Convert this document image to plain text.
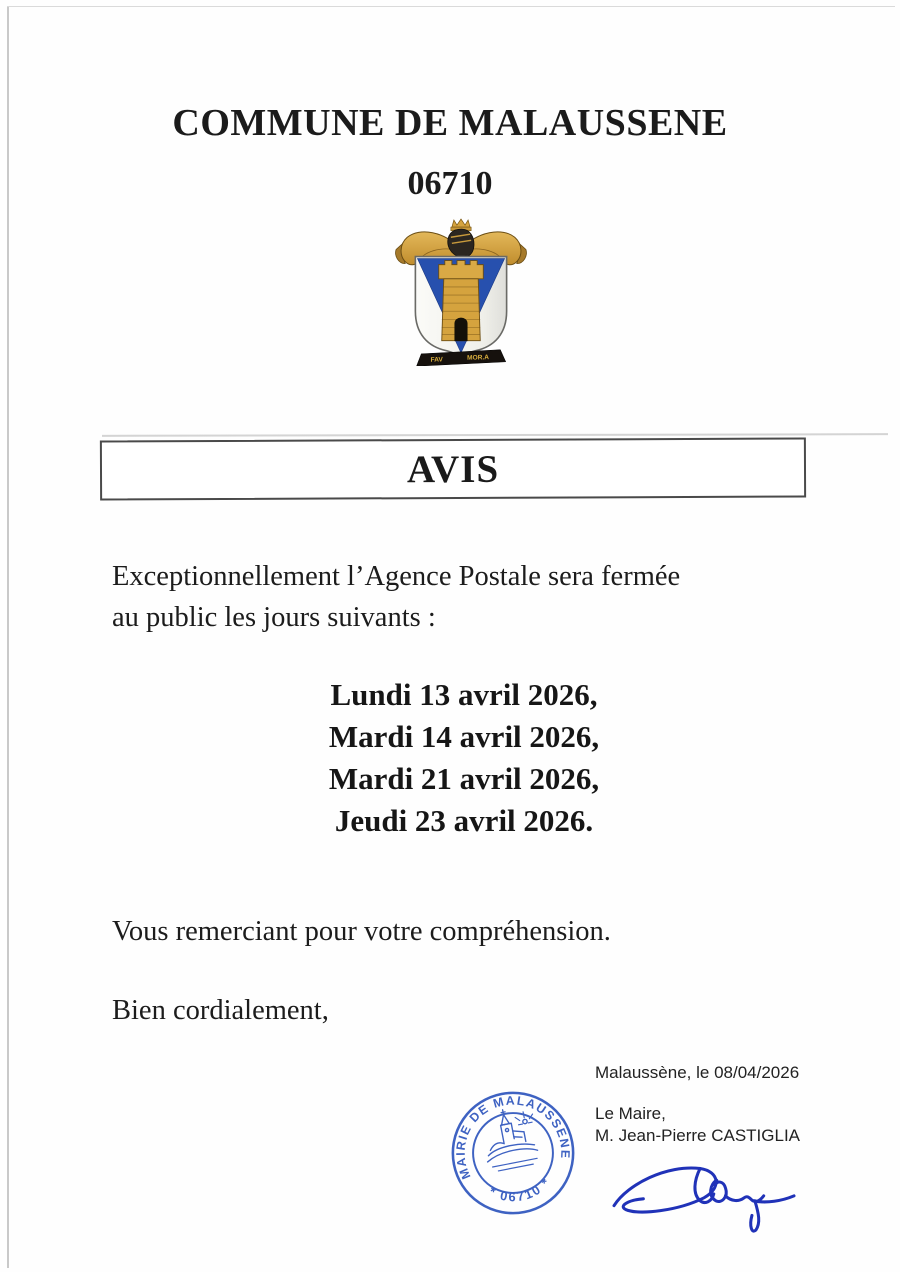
COMMUNE DE MALAUSSENE
06710
FAV	MOR.A
AVIS
Exceptionnellement l’Agence Postale sera fermée
au public les jours suivants :
Lundi 13 avril 2026,
Mardi 14 avril 2026,
Mardi 21 avril 2026,
Jeudi 23 avril 2026.
Vous remerciant pour votre compréhension.
Bien cordialement,
Malaussène, le 08/04/2026
Le Maire,
M. Jean-Pierre CASTIGLIA
MAIRIE DE MALAUSSENE
* 06710 *
